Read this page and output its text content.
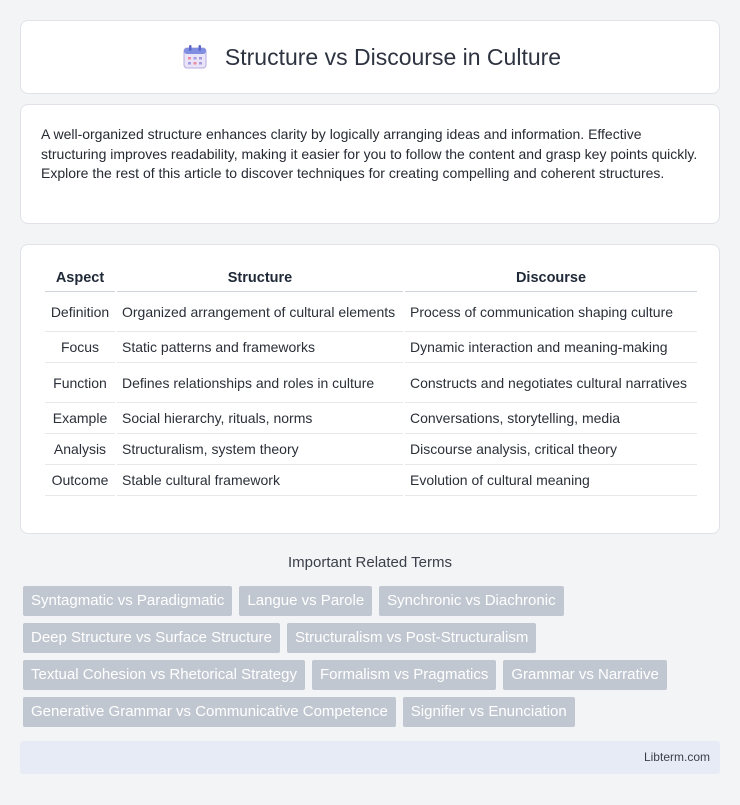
Structure vs Discourse in Culture

A well-organized structure enhances clarity by logically arranging ideas and information. Effective structuring improves readability, making it easier for you to follow the content and grasp key points quickly. Explore the rest of this article to discover techniques for creating compelling and coherent structures.

Aspect	Structure	Discourse
Definition	Organized arrangement of cultural elements	Process of communication shaping culture
Focus	Static patterns and frameworks	Dynamic interaction and meaning-making
Function	Defines relationships and roles in culture	Constructs and negotiates cultural narratives
Example	Social hierarchy, rituals, norms	Conversations, storytelling, media
Analysis	Structuralism, system theory	Discourse analysis, critical theory
Outcome	Stable cultural framework	Evolution of cultural meaning
Important Related Terms
Syntagmatic vs Paradigmatic	Langue vs Parole	Synchronic vs Diachronic
Deep Structure vs Surface Structure	Structuralism vs Post-Structuralism
Textual Cohesion vs Rhetorical Strategy	Formalism vs Pragmatics	Grammar vs Narrative
Generative Grammar vs Communicative Competence	Signifier vs Enunciation
Libterm.com
